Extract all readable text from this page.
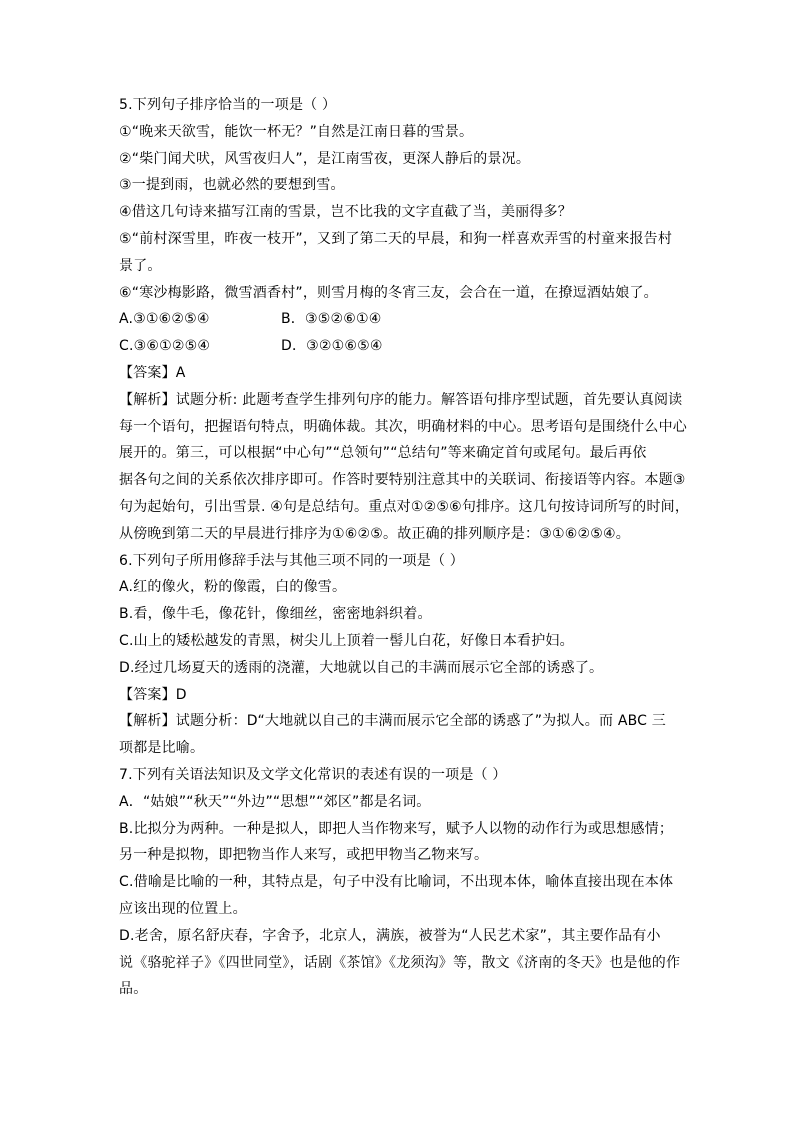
5.下列句子排序恰当的一项是（ ）
①“晚来天欲雪，能饮一杯无？”自然是江南日暮的雪景。
②“柴门闻犬吠，风雪夜归人”，是江南雪夜，更深人静后的景况。
③一提到雨，也就必然的要想到雪。
④借这几句诗来描写江南的雪景，岂不比我的文字直截了当，美丽得多？
⑤“前村深雪里，昨夜一枝开”，又到了第二天的早晨，和狗一样喜欢弄雪的村童来报告村
景了。
⑥“寒沙梅影路，微雪酒香村”，则雪月梅的冬宵三友，会合在一道，在撩逗酒姑娘了。
A.③①⑥②⑤④	B．③⑤②⑥①④
C.③⑥①②⑤④	D．③②①⑥⑤④
【答案】A
【解析】试题分析: 此题考查学生排列句序的能力。解答语句排序型试题，首先要认真阅读
每一个语句，把握语句特点，明确体裁。其次，明确材料的中心。思考语句是围绕什么中心
展开的。第三，可以根据“中心句”“总领句”“总结句”等来确定首句或尾句。最后再依
据各句之间的关系依次排序即可。作答时要特别注意其中的关联词、衔接语等内容。本题③
句为起始句，引出雪景. ④句是总结句。重点对①②⑤⑥句排序。这几句按诗词所写的时间，
从傍晚到第二天的早晨进行排序为①⑥②⑤。故正确的排列顺序是：③①⑥②⑤④。
6.下列句子所用修辞手法与其他三项不同的一项是（ ）
A.红的像火，粉的像霞，白的像雪。
B.看，像牛毛，像花针，像细丝，密密地斜织着。
C.山上的矮松越发的青黑，树尖儿上顶着一髻儿白花，好像日本看护妇。
D.经过几场夏天的透雨的浇灌，大地就以自己的丰满而展示它全部的诱惑了。
【答案】D
【解析】试题分析：D“大地就以自己的丰满而展示它全部的诱惑了”为拟人。而 ABC 三
项都是比喻。
7.下列有关语法知识及文学文化常识的表述有误的一项是（ ）
A．“姑娘”“秋天”“外边”“思想”“郊区”都是名词。
B.比拟分为两种。一种是拟人，即把人当作物来写，赋予人以物的动作行为或思想感情；
另一种是拟物，即把物当作人来写，或把甲物当乙物来写。
C.借喻是比喻的一种，其特点是，句子中没有比喻词，不出现本体，喻体直接出现在本体
应该出现的位置上。
D.老舍，原名舒庆春，字舍予，北京人，满族，被誉为“人民艺术家”，其主要作品有小
说《骆驼祥子》《四世同堂》，话剧《茶馆》《龙须沟》等，散文《济南的冬天》也是他的作
品。
